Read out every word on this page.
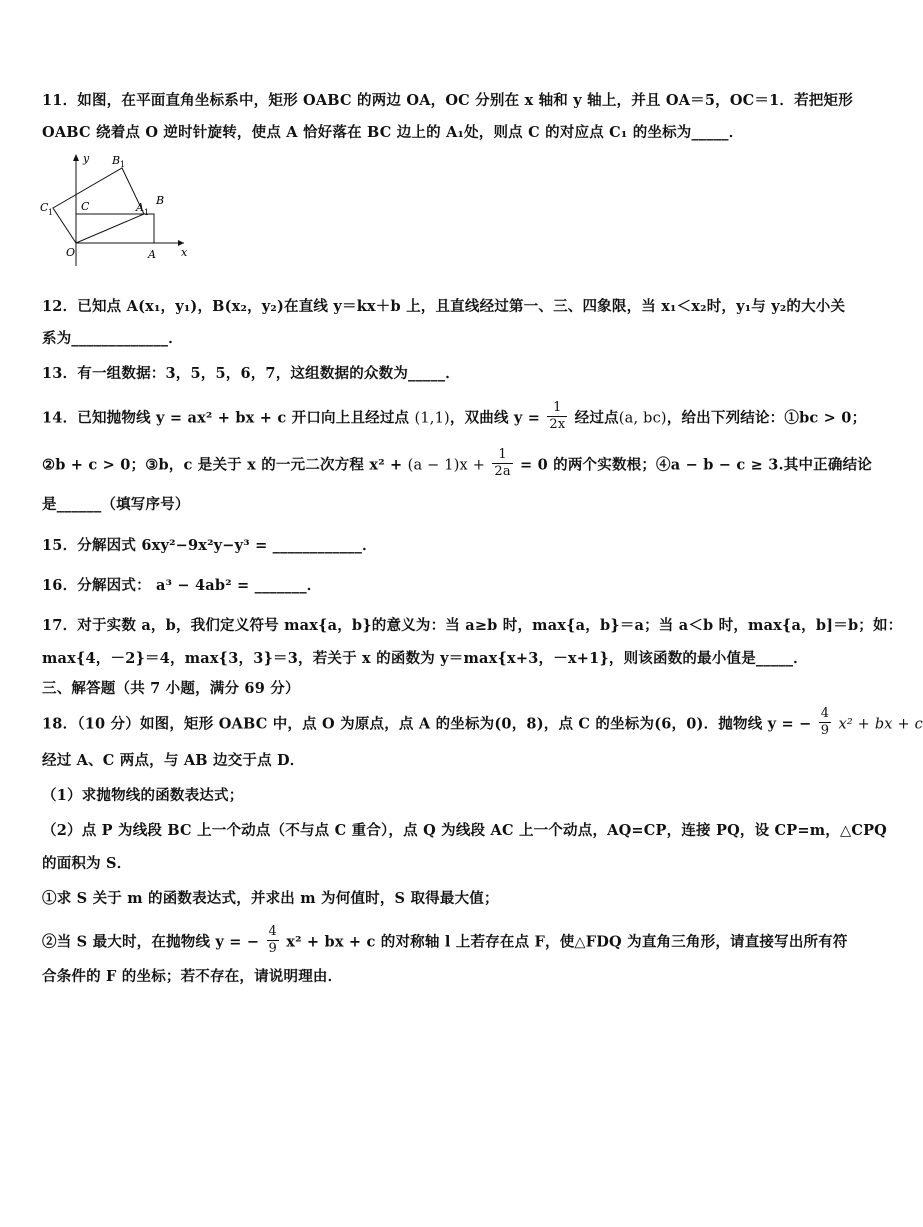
11．如图，在平面直角坐标系中，矩形 OABC 的两边 OA，OC 分别在 x 轴和 y 轴上，并且 OA＝5，OC＝1．若把矩形
OABC 绕着点 O 逆时针旋转，使点 A 恰好落在 BC 边上的 A₁处，则点 C 的对应点 C₁ 的坐标为_____．
y
x
B 1
B
C 1	C	A 1
O	A
12．已知点 A(x₁，y₁)，B(x₂，y₂)在直线 y＝kx＋b 上，且直线经过第一、三、四象限，当 x₁＜x₂时，y₁与 y₂的大小关
系为_____________．
13．有一组数据：3，5，5，6，7，这组数据的众数为_____．
14．已知抛物线 y = ax² + bx + c 开口向上且经过点 (1,1)，双曲线 $y = \frac{1}{2x}$ 经过点(a, bc)，给出下列结论：①bc > 0；
②b + c > 0；③b，c 是关于 x 的一元二次方程 $x^2 + (a - 1)x + \frac{1}{2a} = 0$ 的两个实数根；④a − b − c ≥ 3.其中正确结论
是______（填写序号）
15．分解因式 6xy²−9x²y−y³ = ____________．
16．分解因式： a³ − 4ab² = _______．
17．对于实数 a，b，我们定义符号 max{a，b}的意义为：当 a≥b 时，max{a，b}＝a；当 a＜b 时，max{a，b]＝b；如：
max{4，－2}＝4，max{3，3}＝3，若关于 x 的函数为 y＝max{x+3，－x+1}，则该函数的最小值是_____．
三、解答题（共 7 小题，满分 69 分）
18．（10 分）如图，矩形 OABC 中，点 O 为原点，点 A 的坐标为(0，8)，点 C 的坐标为(6，0)．抛物线 y = − $\frac{4}{9} x^2$ + bx + c
经过 A、C 两点，与 AB 边交于点 D．
（1）求抛物线的函数表达式；
（2）点 P 为线段 BC 上一个动点（不与点 C 重合），点 Q 为线段 AC 上一个动点，AQ=CP，连接 PQ，设 CP=m，△CPQ
的面积为 S．
①求 S 关于 m 的函数表达式，并求出 m 为何值时，S 取得最大值；
②当 S 最大时，在抛物线 y = − $\frac{4}{9} x^2$ + bx + c 的对称轴 l 上若存在点 F，使△FDQ 为直角三角形，请直接写出所有符
合条件的 F 的坐标；若不存在，请说明理由．
